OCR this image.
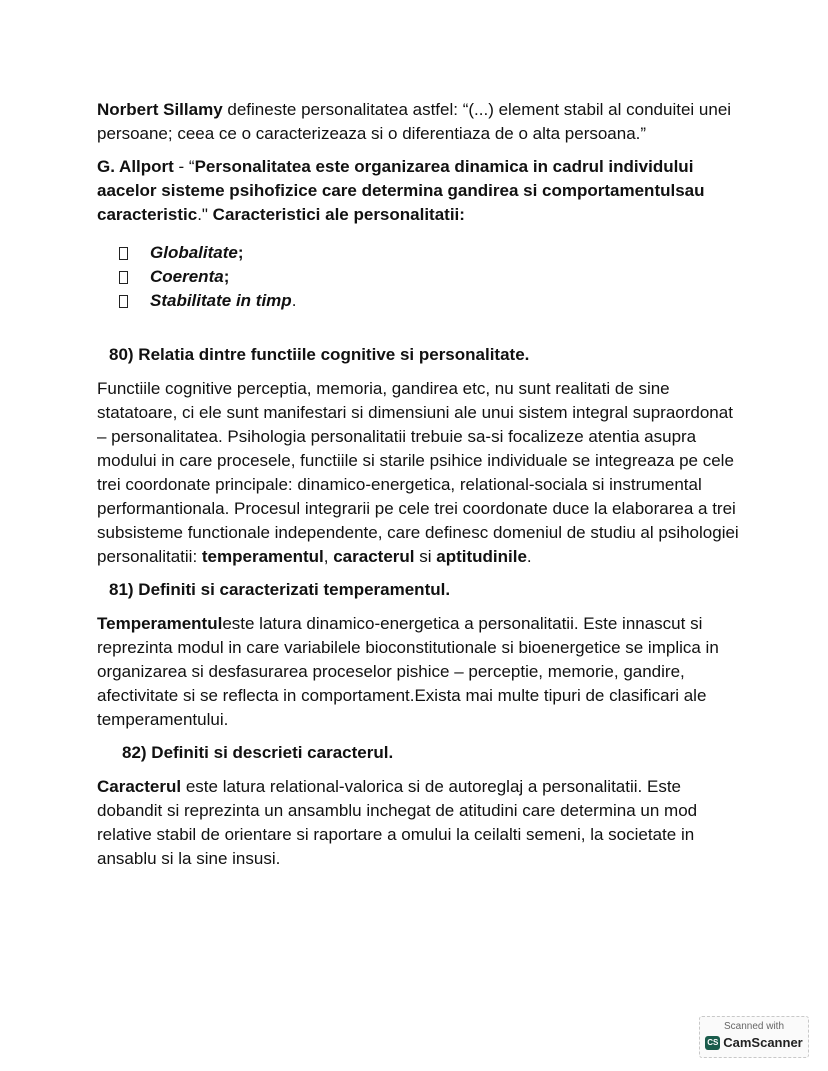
Norbert Sillamy defineste personalitatea astfel: “(...) element stabil al conduitei unei persoane; ceea ce o caracterizeaza si o diferentiaza de o alta persoana.”

G. Allport - “Personalitatea este organizarea dinamica in cadrul individului aacelor sisteme psihofizice care determina gandirea si comportamentulsau caracteristic." Caracteristici ale personalitatii:

Globalitate ;
Coerenta ;
Stabilitate in timp .

80) Relatia dintre functiile cognitive si personalitate.

Functiile cognitive perceptia, memoria, gandirea etc, nu sunt realitati de sine statatoare, ci ele sunt manifestari si dimensiuni ale unui sistem integral supraordonat – personalitatea. Psihologia personalitatii trebuie sa-si focalizeze atentia asupra modului in care procesele, functiile si starile psihice individuale se integreaza pe cele trei coordonate principale: dinamico-energetica, relational-sociala si instrumental performantionala. Procesul integrarii pe cele trei coordonate duce la elaborarea a trei subsisteme functionale independente, care definesc domeniul de studiu al psihologiei personalitatii: temperamentul, caracterul si aptitudinile.

81) Definiti si caracterizati temperamentul.

Temperamentuleste latura dinamico-energetica a personalitatii. Este innascut si reprezinta modul in care variabilele bioconstitutionale si bioenergetice se implica in organizarea si desfasurarea proceselor pishice – perceptie, memorie, gandire, afectivitate si se reflecta in comportament.Exista mai multe tipuri de clasificari ale temperamentului.

82) Definiti si descrieti caracterul.

Caracterul este latura relational-valorica si de autoreglaj a personalitatii. Este dobandit si reprezinta un ansamblu inchegat de atitudini care determina un mod relative stabil de orientare si raportare a omului la ceilalti semeni, la societate in ansablu si la sine insusi.

Scanned with
CS CamScanner
